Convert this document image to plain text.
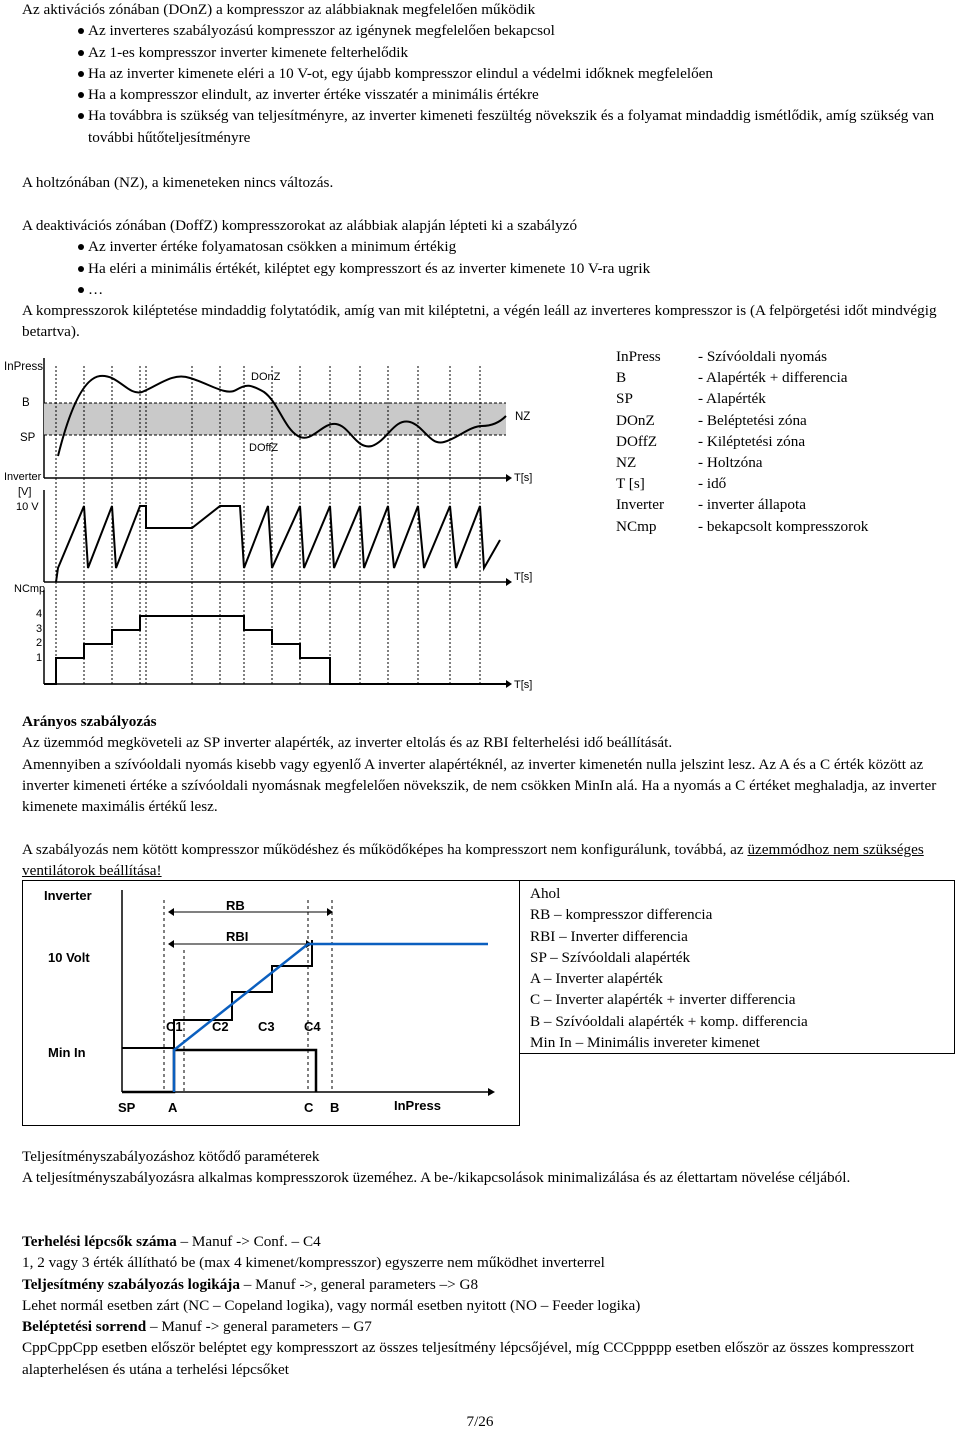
Az aktivációs zónában (DOnZ) a kompresszor az alábbiaknak megfelelően működik

Az inverteres szabályozású kompresszor az igénynek megfelelően bekapcsol
Az 1-es kompresszor inverter kimenete felterhelődik
Ha az inverter kimenete eléri a 10 V-ot, egy újabb kompresszor elindul a védelmi időknek megfelelően
Ha a kompresszor elindult, az inverter értéke visszatér a minimális értékre
Ha továbbra is szükség van teljesítményre, az inverter kimeneti feszültég növekszik és a folyamat mindaddig ismétlődik, amíg szükség van további hűtőteljesítményre

A holtzónában (NZ), a kimeneteken nincs változás.

A deaktivációs zónában (DoffZ) kompresszorokat az alábbiak alapján lépteti ki a szabályzó

Az inverter értéke folyamatosan csökken a minimum értékig
Ha eléri a minimális értékét, kiléptet egy kompresszort és az inverter kimenete 10 V-ra ugrik
…

A kompresszorok kiléptetése mindaddig folytatódik, amíg van mit kiléptetni, a végén leáll az inverteres kompresszor is (A felpörgetési időt mindvégig betartva).

InPress
B
SP
NZ
DOnZ
DOffZ
T[s]
Inverter
[V]
10 V
T[s]
NCmp
4
3
2
1
T[s]
InPress	- Szívóoldali nyomás
B	- Alapérték + differencia
SP	- Alapérték
DOnZ	- Beléptetési zóna
DOffZ	- Kiléptetési zóna
NZ	- Holtzóna
T [s]	- idő
Inverter	- inverter állapota
NCmp	- bekapcsolt kompresszorok

Arányos szabályozás

Az üzemmód megköveteli az SP inverter alapérték, az inverter eltolás és az RBI felterhelési idő beállítását.

Amennyiben a szívóoldali nyomás kisebb vagy egyenlő A inverter alapértéknél, az inverter kimenetén nulla jelszint lesz. Az A és a C érték között az inverter kimeneti értéke a szívóoldali nyomásnak megfelelően növekszik, de nem csökken MinIn alá. Ha a nyomás a C értéket meghaladja, az inverter kimenete maximális értékű lesz.

A szabályozás nem kötött kompresszor működéshez és működőképes ha kompresszort nem konfigurálunk, továbbá, az üzemmódhoz nem szükséges ventilátorok beállítása!

Inverter
RB
RBI
10 Volt
Min In
C1 C2 C3 C4
SP	A	C B	InPress
Ahol
RB – kompresszor differencia
RBI – Inverter differencia
SP – Szívóoldali alapérték
A – Inverter alapérték
C – Inverter alapérték + inverter differencia
B – Szívóoldali alapérték + komp. differencia
Min In – Minimális invereter kimenet

Teljesítményszabályozáshoz kötődő paraméterek

A teljesítményszabályozásra alkalmas kompresszorok üzeméhez. A be-/kikapcsolások minimalizálása és az élettartam növelése céljából.

Terhelési lépcsők száma – Manuf -> Conf. – C4

1, 2 vagy 3 érték állítható be (max 4 kimenet/kompresszor) egyszerre nem működhet inverterrel

Teljesítmény szabályozás logikája – Manuf ->, general parameters –> G8

Lehet normál esetben zárt (NC – Copeland logika), vagy normál esetben nyitott (NO – Feeder logika)

Beléptetési sorrend – Manuf -> general parameters – G7

CppCppCpp esetben először beléptet egy kompresszort az összes teljesítmény lépcsőjével, míg CCCppppp esetben először az összes kompresszort alapterhelésen és utána a terhelési lépcsőket

7/26
